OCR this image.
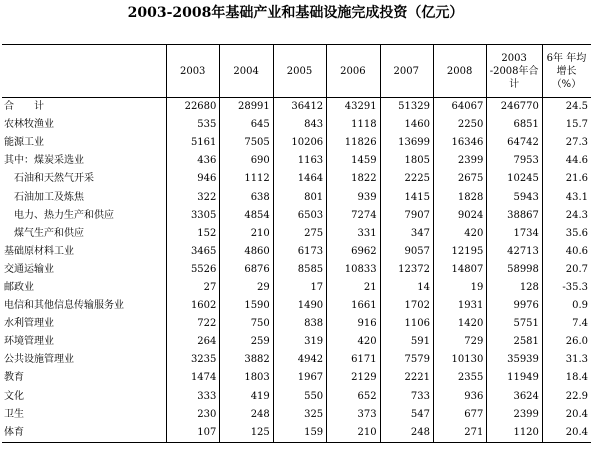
2003-2008年基础产业和基础设施完成投资（亿元）
	2003	2004	2005	2006	2007	2008	2003
-2008年合计	6年 年均
增长
（%）
合　　计	22680	28991	36412	43291	51329	64067	246770	24.5
农林牧渔业	535	645	843	1118	1460	2250	6851	15.7
能源工业	5161	7505	10206	11826	13699	16346	64742	27.3
其中：煤炭采选业	436	690	1163	1459	1805	2399	7953	44.6
　石油和天然气开采	946	1112	1464	1822	2225	2675	10245	21.6
　石油加工及炼焦	322	638	801	939	1415	1828	5943	43.1
　电力、热力生产和供应	3305	4854	6503	7274	7907	9024	38867	24.3
　煤气生产和供应	152	210	275	331	347	420	1734	35.6
基础原材料工业	3465	4860	6173	6962	9057	12195	42713	40.6
交通运输业	5526	6876	8585	10833	12372	14807	58998	20.7
邮政业	27	29	17	21	14	19	128	-35.3
电信和其他信息传输服务业	1602	1590	1490	1661	1702	1931	9976	0.9
水利管理业	722	750	838	916	1106	1420	5751	7.4
环境管理业	264	259	319	420	591	729	2581	26.0
公共设施管理业	3235	3882	4942	6171	7579	10130	35939	31.3
教育	1474	1803	1967	2129	2221	2355	11949	18.4
文化	333	419	550	652	733	936	3624	22.9
卫生	230	248	325	373	547	677	2399	20.4
体育	107	125	159	210	248	271	1120	20.4
